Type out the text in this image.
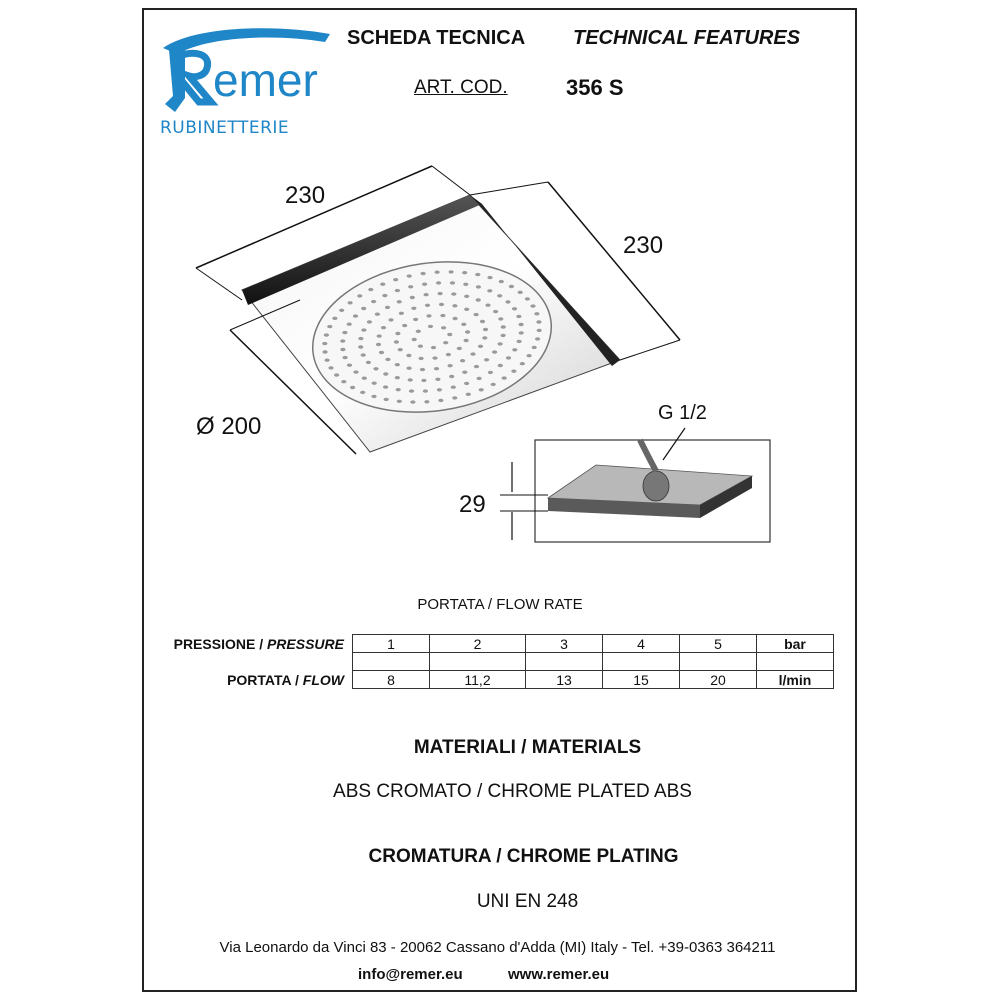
emer
RUBINETTERIE
SCHEDA TECNICA TECHNICAL FEATURES
ART. COD.	356 S
230
230
Ø 200	G 1/2
29
PORTATA / FLOW RATE
PRESSIONE / PRESSURE	1	2	3	4	5	bar

PORTATA / FLOW	8	11,2	13	15	20	l/min
MATERIALI / MATERIALS
ABS CROMATO / CHROME PLATED ABS
CROMATURA / CHROME PLATING
UNI EN 248
Via Leonardo da Vinci 83 - 20062 Cassano d'Adda (MI) Italy - Tel. +39-0363 364211
info@remer.eu	www.remer.eu
